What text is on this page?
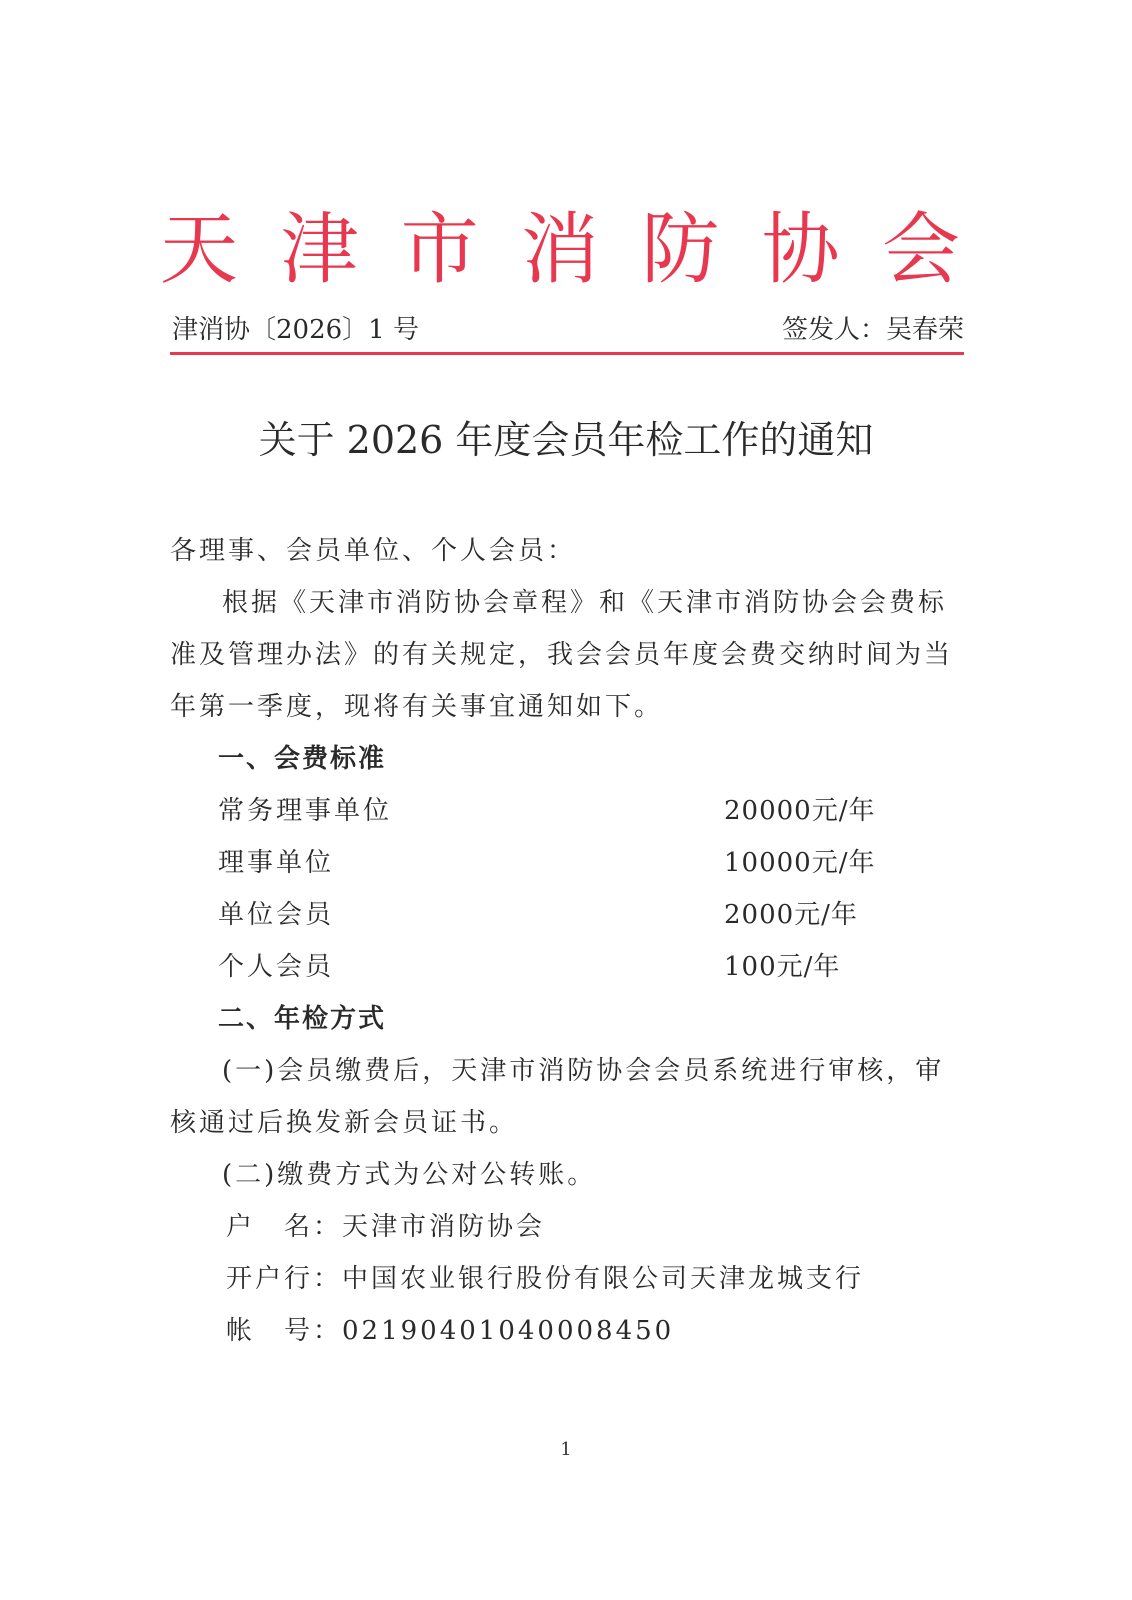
天 津 市 消 防 协 会
津消协〔2026〕1 号	签发人：吴春荣
关于 2026 年度会员年检工作的通知
各理事、会员单位、个人会员：
根据《天津市消防协会章程》和《天津市消防协会会费标
准及管理办法》的有关规定，我会会员年度会费交纳时间为当
年第一季度，现将有关事宜通知如下。
一、会费标准
常务理事单位	20000元/年
理事单位	10000元/年
单位会员	2000元/年
个人会员	100元/年
二、年检方式
(一)会员缴费后，天津市消防协会会员系统进行审核，审
核通过后换发新会员证书。
(二)缴费方式为公对公转账。
户　名：天津市消防协会
开户行：中国农业银行股份有限公司天津龙城支行
帐　号：02190401040008450
1
